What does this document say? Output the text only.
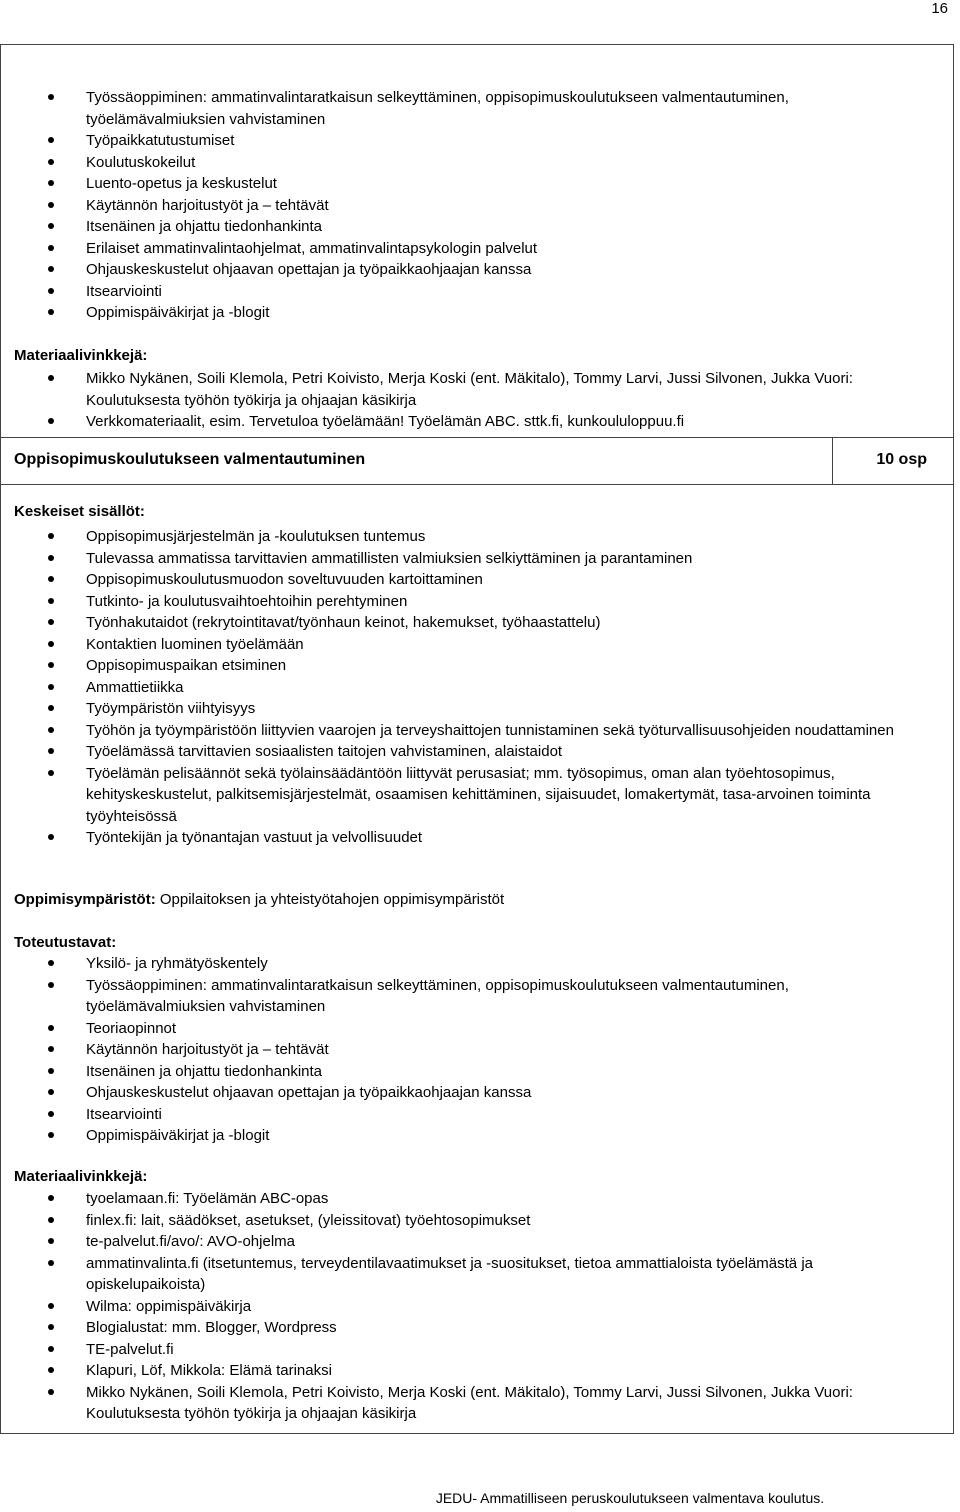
16
Työssäoppiminen: ammatinvalintaratkaisun selkeyttäminen, oppisopimuskoulutukseen valmentautuminen, työelämävalmiuksien vahvistaminen
Työpaikkatutustumiset
Koulutuskokeilut
Luento-opetus ja keskustelut
Käytännön harjoitustyöt ja – tehtävät
Itsenäinen ja ohjattu tiedonhankinta
Erilaiset ammatinvalintaohjelmat, ammatinvalintapsykologin palvelut
Ohjauskeskustelut ohjaavan opettajan ja työpaikkaohjaajan kanssa
Itsearviointi
Oppimispäiväkirjat ja -blogit
Materiaalivinkkejä:
Mikko Nykänen, Soili Klemola, Petri Koivisto, Merja Koski (ent. Mäkitalo), Tommy Larvi, Jussi Silvonen, Jukka Vuori: Koulutuksesta työhön työkirja ja ohjaajan käsikirja
Verkkomateriaalit, esim. Tervetuloa työelämään! Työelämän ABC. sttk.fi, kunkoululoppuu.fi
Oppisopimuskoulutukseen valmentautuminen	10 osp
Keskeiset sisällöt:
Oppisopimusjärjestelmän ja -koulutuksen tuntemus
Tulevassa ammatissa tarvittavien ammatillisten valmiuksien selkiyttäminen ja parantaminen
Oppisopimuskoulutusmuodon soveltuvuuden kartoittaminen
Tutkinto- ja koulutusvaihtoehtoihin perehtyminen
Työnhakutaidot (rekrytointitavat/työnhaun keinot, hakemukset, työhaastattelu)
Kontaktien luominen työelämään
Oppisopimuspaikan etsiminen
Ammattietiikka
Työympäristön viihtyisyys
Työhön ja työympäristöön liittyvien vaarojen ja terveyshaittojen tunnistaminen sekä työturvallisuusohjeiden noudattaminen
Työelämässä tarvittavien sosiaalisten taitojen vahvistaminen, alaistaidot
Työelämän pelisäännöt sekä työlainsäädäntöön liittyvät perusasiat; mm. työsopimus, oman alan työehtosopimus, kehityskeskustelut, palkitsemisjärjestelmät, osaamisen kehittäminen, sijaisuudet, lomakertymät, tasa-arvoinen toiminta työyhteisössä
Työntekijän ja työnantajan vastuut ja velvollisuudet
Oppimisympäristöt: Oppilaitoksen ja yhteistyötahojen oppimisympäristöt
Toteutustavat:
Yksilö- ja ryhmätyöskentely
Työssäoppiminen: ammatinvalintaratkaisun selkeyttäminen, oppisopimuskoulutukseen valmentautuminen, työelämävalmiuksien vahvistaminen
Teoriaopinnot
Käytännön harjoitustyöt ja – tehtävät
Itsenäinen ja ohjattu tiedonhankinta
Ohjauskeskustelut ohjaavan opettajan ja työpaikkaohjaajan kanssa
Itsearviointi
Oppimispäiväkirjat ja -blogit
Materiaalivinkkejä:
tyoelamaan.fi: Työelämän ABC-opas
finlex.fi: lait, säädökset, asetukset, (yleissitovat) työehtosopimukset
te-palvelut.fi/avo/: AVO-ohjelma
ammatinvalinta.fi (itsetuntemus, terveydentilavaatimukset ja -suositukset, tietoa ammattialoista työelämästä ja opiskelupaikoista)
Wilma: oppimispäiväkirja
Blogialustat: mm. Blogger, Wordpress
TE-palvelut.fi
Klapuri, Löf, Mikkola: Elämä tarinaksi
Mikko Nykänen, Soili Klemola, Petri Koivisto, Merja Koski (ent. Mäkitalo), Tommy Larvi, Jussi Silvonen, Jukka Vuori: Koulutuksesta työhön työkirja ja ohjaajan käsikirja
JEDU- Ammatilliseen peruskoulutukseen valmentava koulutus.
